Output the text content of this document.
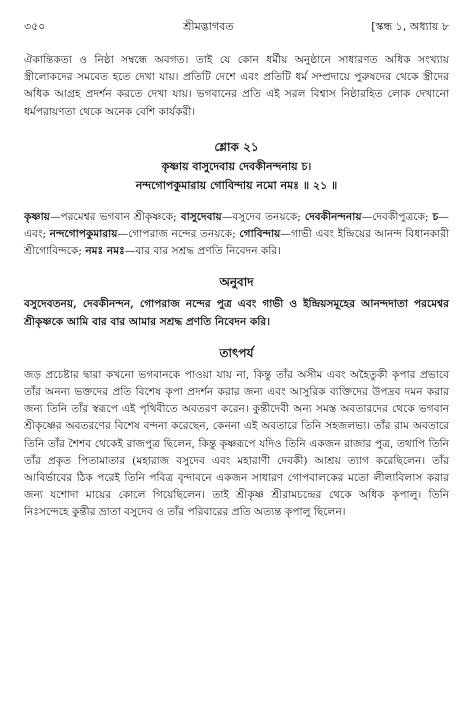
৩৫০	শ্রীমদ্ভাগবত	[স্কন্ধ ১, অধ্যায় ৮

ঐকান্তিকতা ও নিষ্ঠা সম্বন্ধে অবগত। তাই যে কোন ধর্মীয় অনুষ্ঠানে সাধারণত অধিক সংখ্যায় স্ত্রীলোকদের সমবেত হতে দেখা যায়। প্রতিটি দেশে এবং প্রতিটি ধর্ম সম্প্রদায়ে পুরুষদের থেকে স্ত্রীদের অধিক আগ্রহ প্রদর্শন করতে দেখা যায়। ভগবানের প্রতি এই সরল বিশ্বাস নিষ্ঠারহিত লোক দেখানো ধর্মপরায়ণতা থেকে অনেক বেশি কার্যকরী।

শ্লোক ২১
কৃষ্ণায় বাসুদেবায় দেবকীনন্দনায় চ।
নন্দগোপকুমারায় গোবিন্দায় নমো নমঃ ॥ ২১ ॥

কৃষ্ণায়—পরমেশ্বর ভগবান শ্রীকৃষ্ণকে; বাসুদেবায়—বসুদেব তনয়কে; দেবকীনন্দনায়—দেবকীপুত্রকে; চ—এবং; নন্দগোপকুমারায়—গোপরাজ নন্দের তনয়কে; গোবিন্দায়—গাভী এবং ইন্দ্রিয়ের আনন্দ বিধানকারী শ্রীগোবিন্দকে; নমঃ নমঃ—বার বার সশ্রদ্ধ প্রণতি নিবেদন করি।

অনুবাদ

বসুদেবতনয়, দেবকীনন্দন, গোপরাজ নন্দের পুত্র এবং গাভী ও ইন্দ্রিয়সমূহের আনন্দদাতা পরমেশ্বর শ্রীকৃষ্ণকে আমি বার বার আমার সশ্রদ্ধ প্রণতি নিবেদন করি।

তাৎপর্য

জড় প্রচেষ্টার দ্বারা কখনো ভগবানকে পাওয়া যায় না, কিন্তু তাঁর অসীম এবং অহৈতুকী কৃপার প্রভাবে তাঁর অনন্য ভক্তদের প্রতি বিশেষ কৃপা প্রদর্শন করার জন্য এবং আসুরিক ব্যক্তিদের উপদ্রব দমন করার জন্য তিনি তাঁর স্বরূপে এই পৃথিবীতে অবতরণ করেন। কুন্তীদেবী অন্য সমস্ত অবতারদের থেকে ভগবান শ্রীকৃষ্ণের অবতরণের বিশেষ বন্দনা করেছেন, কেননা এই অবতারে তিনি সহজলভ্য। তাঁর রাম অবতারে তিনি তাঁর শৈশব থেকেই রাজপুত্র ছিলেন, কিন্তু কৃষ্ণরূপে যদিও তিনি একজন রাজার পুত্র, তথাপি তিনি তাঁর প্রকৃত পিতামাতার (মহারাজ বসুদেব এবং মহারাণী দেবকী) আশ্রয় ত্যাগ করেছিলেন। তাঁর আবির্ভাবের ঠিক পরেই তিনি পবিত্র বৃন্দাবনে একজন সাধারণ গোপবালকের মতো লীলাবিলাস করার জন্য যশোদা মায়ের কোলে গিয়েছিলেন। তাই শ্রীকৃষ্ণ শ্রীরামচন্দ্রের থেকে অধিক কৃপালু। তিনি নিঃসন্দেহে কুন্তীর ভ্রাতা বসুদেব ও তাঁর পরিবারের প্রতি অত্যন্ত কৃপালু ছিলেন।
